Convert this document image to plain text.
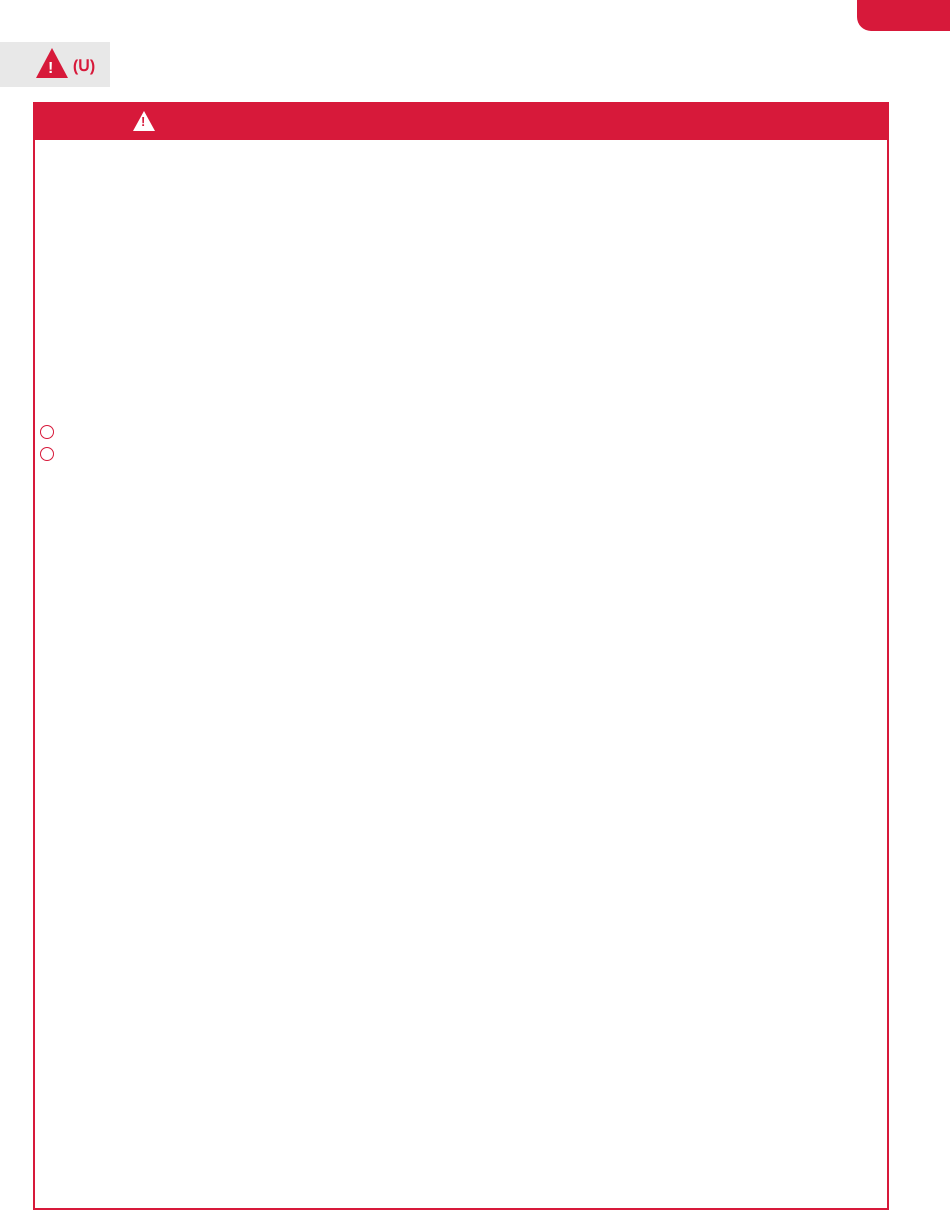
! (ᑌ)
!
